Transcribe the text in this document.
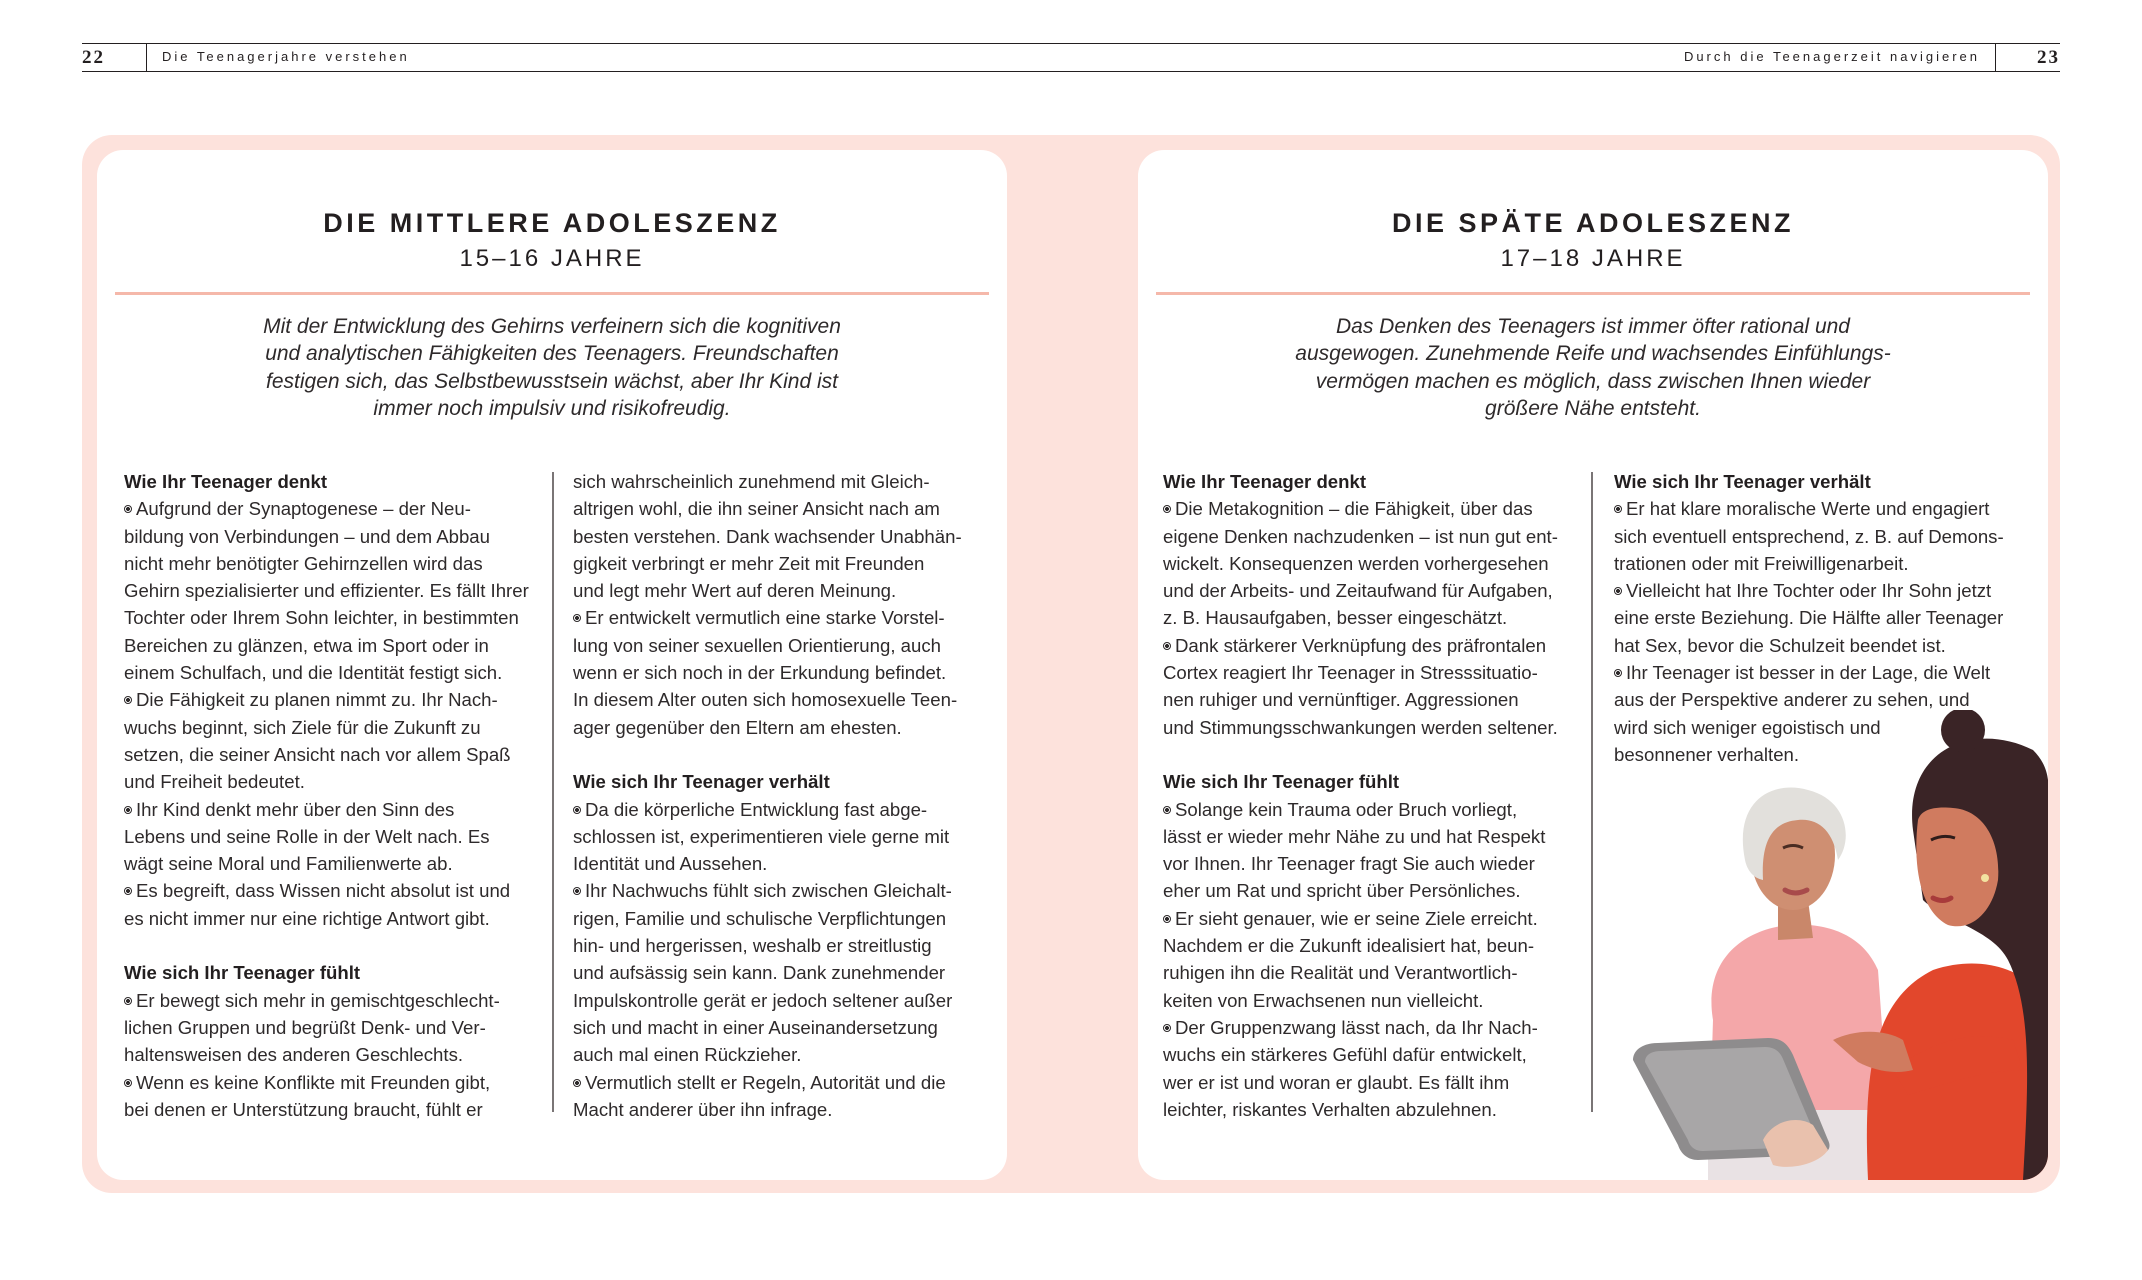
22	Die Teenagerjahre verstehen	Durch die Teenagerzeit navigieren	23
DIE MITTLERE ADOLESZENZ
15–16 JAHRE
Mit der Entwicklung des Gehirns verfeinern sich die kognitiven
und analytischen Fähigkeiten des Teenagers. Freundschaften
festigen sich, das Selbstbewusstsein wächst, aber Ihr Kind ist
immer noch impulsiv und risikofreudig.
Wie Ihr Teenager denkt
Aufgrund der Synaptogenese – der Neu-
bildung von Verbindungen – und dem Abbau
nicht mehr benötigter Gehirnzellen wird das
Gehirn spezialisierter und effizienter. Es fällt Ihrer
Tochter oder Ihrem Sohn leichter, in bestimmten
Bereichen zu glänzen, etwa im Sport oder in
einem Schulfach, und die Identität festigt sich.
Die Fähigkeit zu planen nimmt zu. Ihr Nach-
wuchs beginnt, sich Ziele für die Zukunft zu
setzen, die seiner Ansicht nach vor allem Spaß
und Freiheit bedeutet.
Ihr Kind denkt mehr über den Sinn des
Lebens und seine Rolle in der Welt nach. Es
wägt seine Moral und Familienwerte ab.
Es begreift, dass Wissen nicht absolut ist und
es nicht immer nur eine richtige Antwort gibt.
Wie sich Ihr Teenager fühlt
Er bewegt sich mehr in gemischtgeschlecht-
lichen Gruppen und begrüßt Denk- und Ver-
haltensweisen des anderen Geschlechts.
Wenn es keine Konflikte mit Freunden gibt,
bei denen er Unterstützung braucht, fühlt er
sich wahrscheinlich zunehmend mit Gleich-
altrigen wohl, die ihn seiner Ansicht nach am
besten verstehen. Dank wachsender Unabhän-
gigkeit verbringt er mehr Zeit mit Freunden
und legt mehr Wert auf deren Meinung.
Er entwickelt vermutlich eine starke Vorstel-
lung von seiner sexuellen Orientierung, auch
wenn er sich noch in der Erkundung befindet.
In diesem Alter outen sich homosexuelle Teen-
ager gegenüber den Eltern am ehesten.
Wie sich Ihr Teenager verhält
Da die körperliche Entwicklung fast abge-
schlossen ist, experimentieren viele gerne mit
Identität und Aussehen.
Ihr Nachwuchs fühlt sich zwischen Gleichalt-
rigen, Familie und schulische Verpflichtungen
hin- und hergerissen, weshalb er streitlustig
und aufsässig sein kann. Dank zunehmender
Impulskontrolle gerät er jedoch seltener außer
sich und macht in einer Auseinandersetzung
auch mal einen Rückzieher.
Vermutlich stellt er Regeln, Autorität und die
Macht anderer über ihn infrage.
DIE SPÄTE ADOLESZENZ
17–18 JAHRE
Das Denken des Teenagers ist immer öfter rational und
ausgewogen. Zunehmende Reife und wachsendes Einfühlungs-
vermögen machen es möglich, dass zwischen Ihnen wieder
größere Nähe entsteht.
Wie Ihr Teenager denkt
Die Metakognition – die Fähigkeit, über das
eigene Denken nachzudenken – ist nun gut ent-
wickelt. Konsequenzen werden vorhergesehen
und der Arbeits- und Zeitaufwand für Aufgaben,
z. B. Hausaufgaben, besser eingeschätzt.
Dank stärkerer Verknüpfung des präfrontalen
Cortex reagiert Ihr Teenager in Stresssituatio-
nen ruhiger und vernünftiger. Aggressionen
und Stimmungsschwankungen werden seltener.
Wie sich Ihr Teenager fühlt
Solange kein Trauma oder Bruch vorliegt,
lässt er wieder mehr Nähe zu und hat Respekt
vor Ihnen. Ihr Teenager fragt Sie auch wieder
eher um Rat und spricht über Persönliches.
Er sieht genauer, wie er seine Ziele erreicht.
Nachdem er die Zukunft idealisiert hat, beun-
ruhigen ihn die Realität und Verantwortlich-
keiten von Erwachsenen nun vielleicht.
Der Gruppenzwang lässt nach, da Ihr Nach-
wuchs ein stärkeres Gefühl dafür entwickelt,
wer er ist und woran er glaubt. Es fällt ihm
leichter, riskantes Verhalten abzulehnen.
Wie sich Ihr Teenager verhält
Er hat klare moralische Werte und engagiert
sich eventuell entsprechend, z. B. auf Demons-
trationen oder mit Freiwilligenarbeit.
Vielleicht hat Ihre Tochter oder Ihr Sohn jetzt
eine erste Beziehung. Die Hälfte aller Teenager
hat Sex, bevor die Schulzeit beendet ist.
Ihr Teenager ist besser in der Lage, die Welt
aus der Perspektive anderer zu sehen, und
wird sich weniger egoistisch und
besonnener verhalten.
